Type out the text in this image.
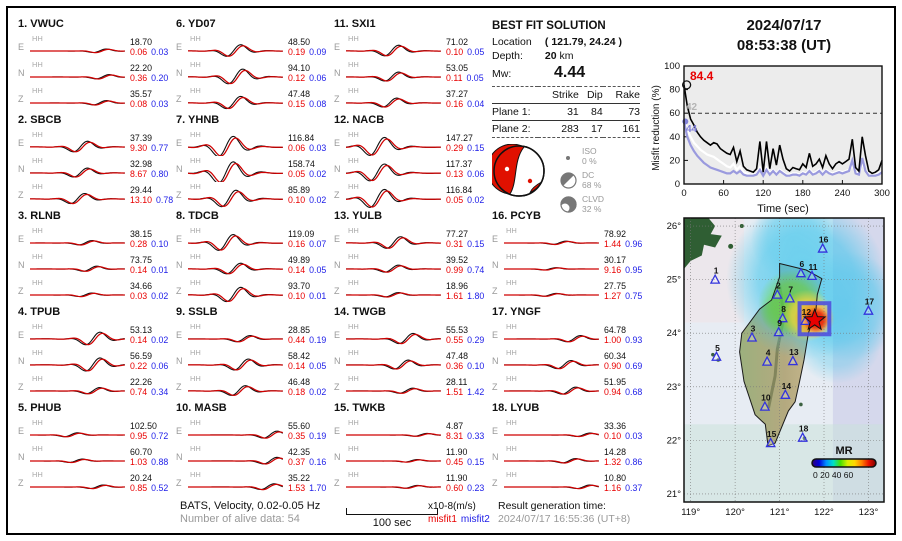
1. VWUC
E
HH	18.70
0.06 0.03
N
HH	22.20
0.36 0.20
Z
HH	35.57
0.08 0.03
2. SBCB
E
HH	37.39
9.30 0.77
N
HH	32.98
8.67 0.80
Z
HH	29.44
13.10 0.78
3. RLNB
E
HH	38.15
0.28 0.10
N
HH	73.75
0.14 0.01
Z
HH	34.66
0.03 0.02
4. TPUB
E
HH	53.13
0.14 0.02
N
HH	56.59
0.22 0.06
Z
HH	22.26
0.74 0.34
5. PHUB
E
HH	102.50
0.95 0.72
N
HH	60.70
1.03 0.88
Z
HH	20.24
0.85 0.52
6. YD07
E
HH	48.50
0.19 0.09
N
HH	94.10
0.12 0.06
Z
HH	47.48
0.15 0.08
7. YHNB
E
HH	116.84
0.06 0.03
N
HH	158.74
0.05 0.02
Z
HH	85.89
0.10 0.02
8. TDCB
E
HH	119.09
0.16 0.07
N
HH	49.89
0.14 0.05
Z
HH	93.70
0.10 0.01
9. SSLB
E
HH	28.85
0.44 0.19
N
HH	58.42
0.14 0.05
Z
HH	46.48
0.18 0.02
10. MASB
E
HH	55.60
0.35 0.19
N
HH	42.35
0.37 0.16
Z
HH	35.22
1.53 1.70
11. SXI1
E
HH	71.02
0.10 0.05
N
HH	53.05
0.11 0.05
Z
HH	37.27
0.16 0.04
12. NACB
E
HH	147.27
0.29 0.15
N
HH	117.37
0.13 0.06
Z
HH	116.84
0.05 0.02
13. YULB
E
HH	77.27
0.31 0.15
N
HH	39.52
0.99 0.74
Z
HH	18.96
1.61 1.80
14. TWGB
E
HH	55.53
0.55 0.29
N
HH	47.48
0.36 0.10
Z
HH	28.11
1.51 1.42
15. TWKB
E
HH	4.87
8.31 0.33
N
HH	11.90
0.45 0.15
Z
HH	11.90
0.60 0.23
16. PCYB
E
HH	78.92
1.44 0.96
N
HH	30.17
9.16 0.95
Z
HH	27.75
1.27 0.75
17. YNGF
E
HH	64.78
1.00 0.93
N
HH	60.34
0.90 0.69
Z
HH	51.95
0.94 0.68
18. LYUB
E
HH	33.36
0.10 0.03
N
HH	14.28
1.32 0.86
Z
HH	10.80
1.16 0.37
BEST FIT SOLUTION
Location ( 121.79, 24.24 )
Depth: 20 km
Mw:	4.44
	Strike	Dip	Rake
Plane 1:	31	84	73
Plane 2:	283	17	161
ISO
0 %
DC
68 %
CLVD
32 %
2024/07/17
08:53:38 (UT)
0
20
40
60
80
100
0	60	120 180 240 300
84.4
42
44
Time (sec)
Misfit reduction (%)
1
2
3
4
5
6
7
8
9
10
11
12
13
14
15
16
17
18
MR
0 20 40 60
119°	120°	121°	122°	123°
21°
22°
23°
24°
25°
26°
BATS, Velocity, 0.02-0.05 Hz
Number of alive data: 54	100 sec
x10-8(m/s)
misfit1 misfit2
Result generation time:
2024/07/17 16:55:36 (UT+8)
